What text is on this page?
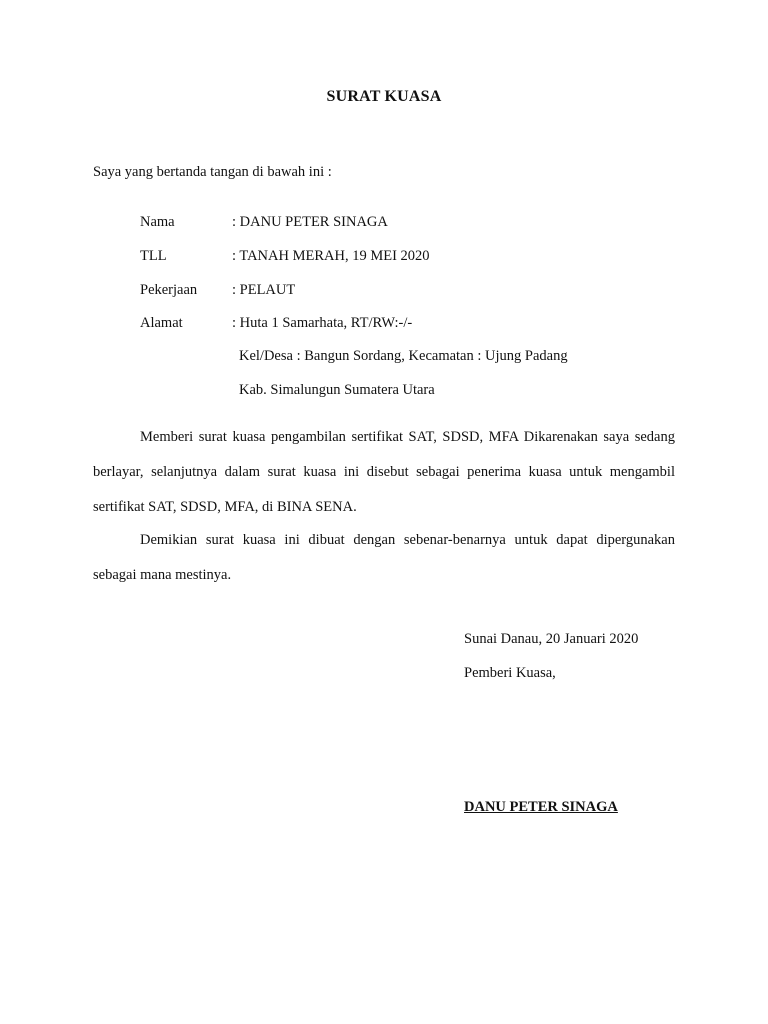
SURAT KUASA
Saya yang bertanda tangan di bawah ini :
Nama	: DANU PETER SINAGA
TLL	: TANAH MERAH, 19 MEI 2020
Pekerjaan	: PELAUT
Alamat	: Huta 1 Samarhata, RT/RW:-/-
Kel/Desa : Bangun Sordang, Kecamatan : Ujung Padang
Kab. Simalungun Sumatera Utara
Memberi surat kuasa pengambilan sertifikat SAT, SDSD, MFA Dikarenakan saya sedang berlayar, selanjutnya dalam surat kuasa ini disebut sebagai penerima kuasa untuk mengambil sertifikat SAT, SDSD, MFA, di BINA SENA.
Demikian surat kuasa ini dibuat dengan sebenar-benarnya untuk dapat dipergunakan sebagai mana mestinya.
Sunai Danau, 20 Januari 2020
Pemberi Kuasa,
DANU PETER SINAGA
